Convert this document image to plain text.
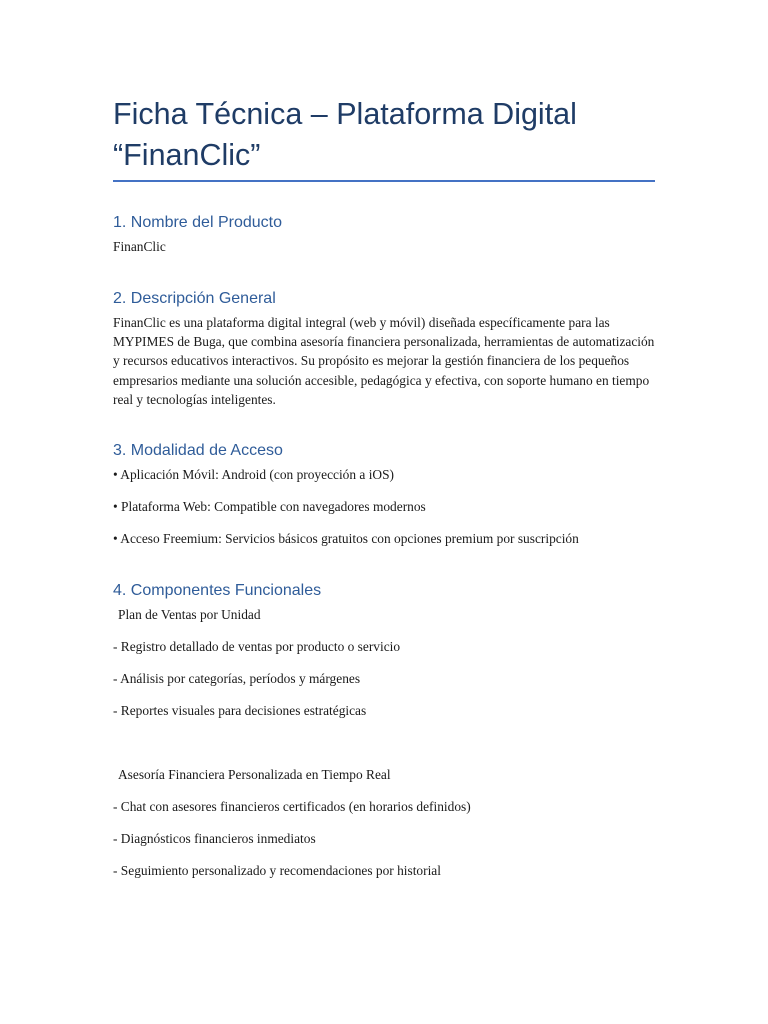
Ficha Técnica – Plataforma Digital “FinanClic”
1. Nombre del Producto

FinanClic

2. Descripción General

FinanClic es una plataforma digital integral (web y móvil) diseñada específicamente para las MYPIMES de Buga, que combina asesoría financiera personalizada, herramientas de automatización y recursos educativos interactivos. Su propósito es mejorar la gestión financiera de los pequeños empresarios mediante una solución accesible, pedagógica y efectiva, con soporte humano en tiempo real y tecnologías inteligentes.

3. Modalidad de Acceso

• Aplicación Móvil: Android (con proyección a iOS)

• Plataforma Web: Compatible con navegadores modernos

• Acceso Freemium: Servicios básicos gratuitos con opciones premium por suscripción

4. Componentes Funcionales

Plan de Ventas por Unidad

- Registro detallado de ventas por producto o servicio

- Análisis por categorías, períodos y márgenes

- Reportes visuales para decisiones estratégicas

Asesoría Financiera Personalizada en Tiempo Real

- Chat con asesores financieros certificados (en horarios definidos)

- Diagnósticos financieros inmediatos

- Seguimiento personalizado y recomendaciones por historial
